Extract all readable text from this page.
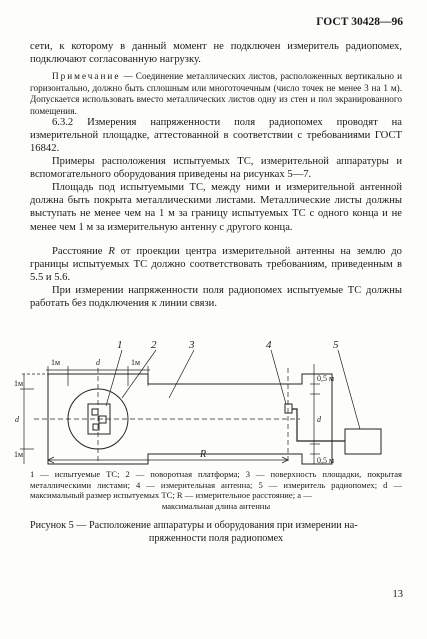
ГОСТ 30428—96

сети, к которому в данный момент не подключен измеритель радиопомех, подключают согласованную нагрузку.

Примечание — Соединение металлических листов, расположенных вертикально и горизонтально, должно быть сплошным или многоточечным (число точек не менее 3 на 1 м). Допускается использовать вместо металлических листов одну из стен и пол экранированного помещения.

6.3.2 Измерения напряженности поля радиопомех проводят на измерительной площадке, аттестованной в соответствии с требованиями ГОСТ 16842.

Примеры расположения испытуемых ТС, измерительной аппаратуры и вспомогательного оборудования приведены на рисунках 5—7.

Площадь под испытуемыми ТС, между ними и измерительной антенной должна быть покрыта металлическими листами. Металлические листы должны выступать не менее чем на 1 м за границу испытуемых ТС с одного конца и не менее чем 1 м за измерительную антенну с другого конца.

Расстояние R от проекции центра измерительной антенны на землю до границы испытуемых ТС должно соответствовать требованиям, приведенным в 5.5 и 5.6.

При измерении напряженности поля радиопомех испытуемые ТС должны работать без подключения к линии связи.

1	2	3	4	5
1м	d	1м
1м
d
1м
0,5 м
d
0,5 м
R

1 — испытуемые ТС; 2 — поворотная платформа; 3 — поверхность площадки, покрытая металлическими листами; 4 — измерительная антенна; 5 — измеритель радиопомех; d — максимальный размер испытуемых ТС; R — измерительное расстояние; a —
максимальная длина антенны

Рисунок 5 — Расположение аппаратуры и оборудования при измерении на-
пряженности поля радиопомех

13
